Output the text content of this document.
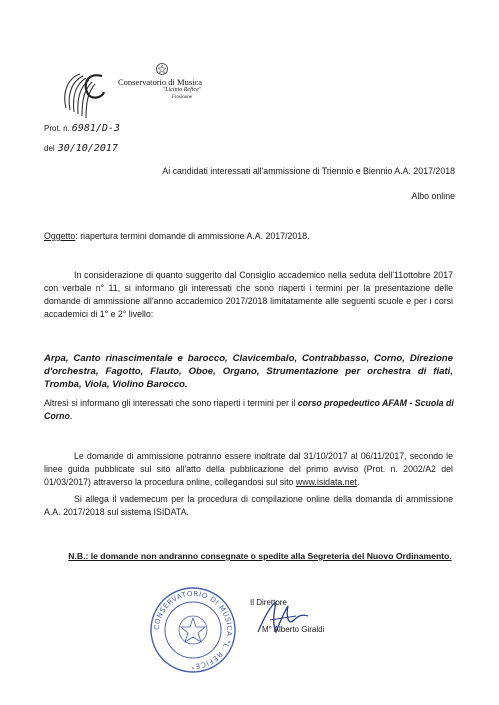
Conservatorio di Musica
"Licinio Refice"
Frosinone
Prot. n. 6981/D-3
del 30/10/2017
Ai candidati interessati all'ammissione di Triennio e Biennio A.A. 2017/2018
Albo online
Oggetto: riapertura termini domande di ammissione A.A. 2017/2018.
In considerazione di quanto suggerito dal Consiglio accademico nella seduta dell'11ottobre 2017 con verbale n° 11, si informano gli interessati che sono riaperti i termini per la presentazione delle domande di ammissione all'anno accademico 2017/2018 limitatamente alle seguenti scuole e per i corsi accademici di 1° e 2° livello:
Arpa, Canto rinascimentale e barocco, Clavicembalo, Contrabbasso, Corno, Direzione d'orchestra, Fagotto, Flauto, Oboe, Organo, Strumentazione per orchestra di fiati, Tromba, Viola, Violino Barocco.
Altresì si informano gli interessati che sono riaperti i termini per il corso propedeutico AFAM - Scuola di Corno.
Le domande di ammissione potranno essere inoltrate dal 31/10/2017 al 06/11/2017, secondo le linee guida pubblicate sul sito all'atto della pubblicazione del primo avviso (Prot. n. 2002/A2 del 01/03/2017) attraverso la procedura online, collegandosi sul sito www.isidata.net.
Si allega il vademecum per la procedura di compilazione online della domanda di ammissione A.A. 2017/2018 sul sistema ISIDATA.
N.B.: le domande non andranno consegnate o spedite alla Segreteria del Nuovo Ordinamento.
CONSERVATORIO DI MUSICA "L. REFICE"
Il Direttore
M° Alberto Giraldi
